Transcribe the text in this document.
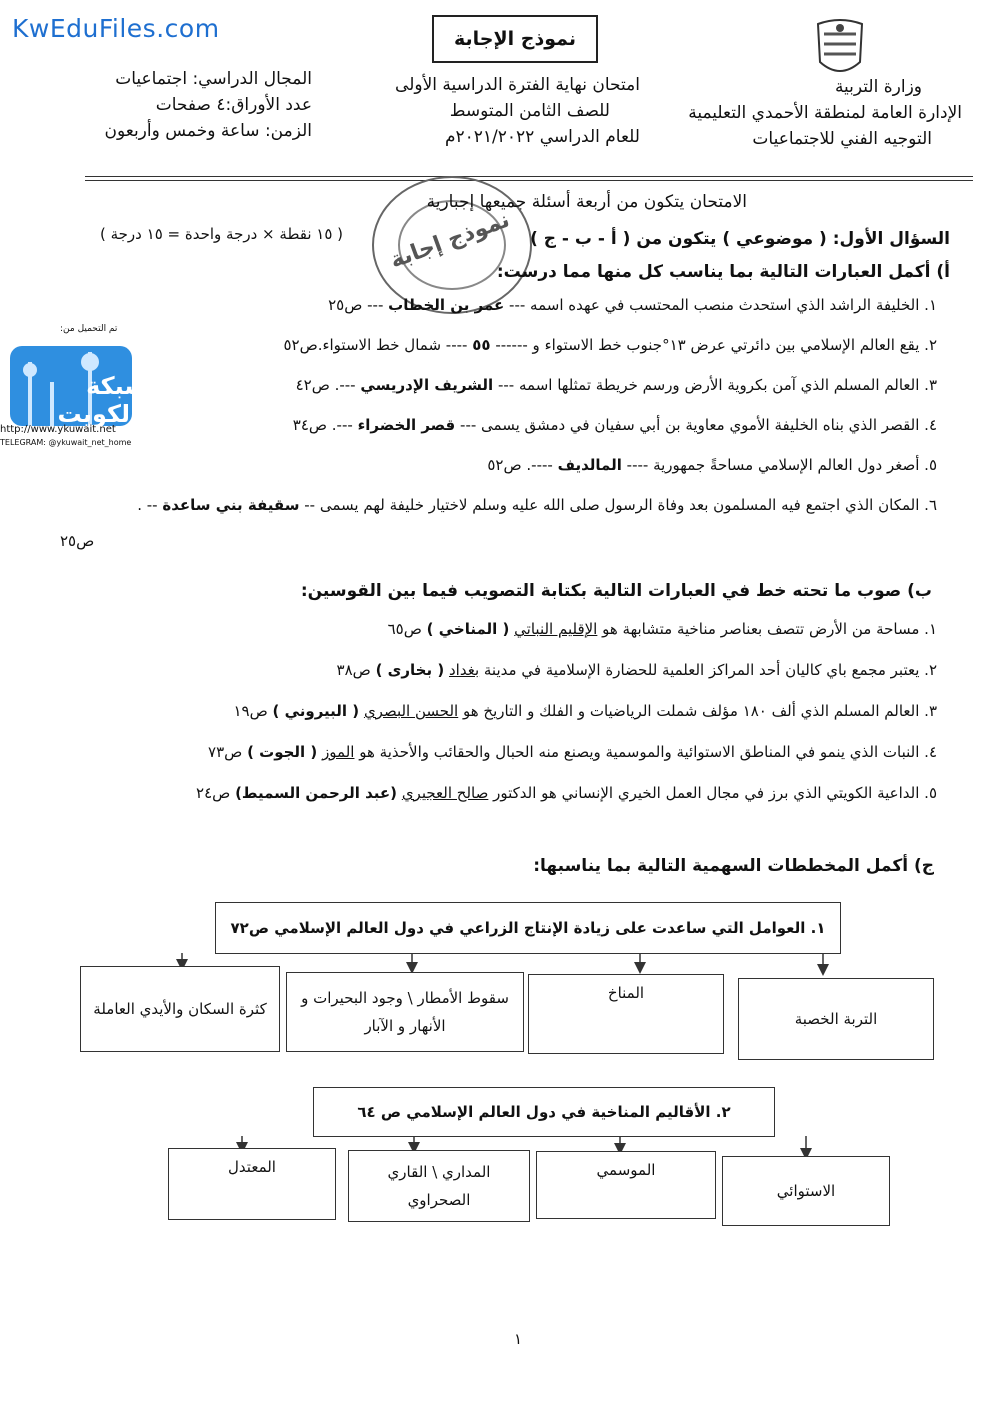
KwEduFiles.com	نموذج الإجابة
وزارة التربية
الإدارة العامة لمنطقة الأحمدي التعليمية
التوجيه الفني للاجتماعيات
امتحان نهاية الفترة الدراسية الأولى
للصف الثامن المتوسط
للعام الدراسي ٢٠٢١/٢٠٢٢م
المجال الدراسي: اجتماعيات
عدد الأوراق:٤ صفحات
الزمن: ساعة وخمس وأربعون
نموذج إجابة
الامتحان يتكون من أربعة أسئلة جميعها إجبارية
السؤال الأول: ( موضوعي ) يتكون من ( أ - ب - ج )
( ١٥ نقطة × درجة واحدة = ١٥ درجة )
أ) أكمل العبارات التالية بما يناسب كل منها مما درست:
١. الخليفة الراشد الذي استحدث منصب المحتسب في عهده اسمه --- عمر بن الخطاب --- ص٢٥
٢. يقع العالم الإسلامي بين دائرتي عرض ١٣°جنوب خط الاستواء و ------ ٥٥ ---- شمال خط الاستواء.ص٥٢
٣. العالم المسلم الذي آمن بكروية الأرض ورسم خريطة تمثلها اسمه --- الشريف الإدريسي ---. ص٤٢
٤. القصر الذي بناه الخليفة الأموي معاوية بن أبي سفيان في دمشق يسمى --- قصر الخضراء ---. ص٣٤
٥. أصغر دول العالم الإسلامي مساحةً جمهورية ---- المالديف ----. ص٥٢
٦. المكان الذي اجتمع فيه المسلمون بعد وفاة الرسول صلى الله عليه وسلم لاختيار خليفة لهم يسمى -- سقيفة بني ساعدة -- .
ص٢٥
ب) صوب ما تحته خط في العبارات التالية بكتابة التصويب فيما بين القوسين:
١. مساحة من الأرض تتصف بعناصر مناخية متشابهة هو الإقليم النباتي ( المناخي ) ص٦٥
٢. يعتبر مجمع باي كاليان أحد المراكز العلمية للحضارة الإسلامية في مدينة بغداد ( بخارى ) ص٣٨
٣. العالم المسلم الذي ألف ١٨٠ مؤلف شملت الرياضيات و الفلك و التاريخ هو الحسن البصري ( البيروني ) ص١٩
٤. النبات الذي ينمو في المناطق الاستوائية والموسمية ويصنع منه الحبال والحقائب والأحذية هو الموز ( الجوت ) ص٧٣
٥. الداعية الكويتي الذي برز في مجال العمل الخيري الإنساني هو الدكتور صالح العجيري (عبد الرحمن السميط) ص٢٤
ج) أكمل المخططات السهمية التالية بما يناسبها:
١. العوامل التي ساعدت على زيادة الإنتاج الزراعي في دول العالم الإسلامي ص٧٢
التربة الخصبة
المناخ
سقوط الأمطار \ وجود البحيرات و الأنهار و الآبار
كثرة السكان والأيدي العاملة
٢. الأقاليم المناخية في دول العالم الإسلامي ص ٦٤
الاستوائي
الموسمي
المداري \ القاري الصحراوي
المعتدل
تم التحميل من:
شبكة يالكويت
http://www.ykuwait.net
TELEGRAM: @ykuwait_net_home
١
